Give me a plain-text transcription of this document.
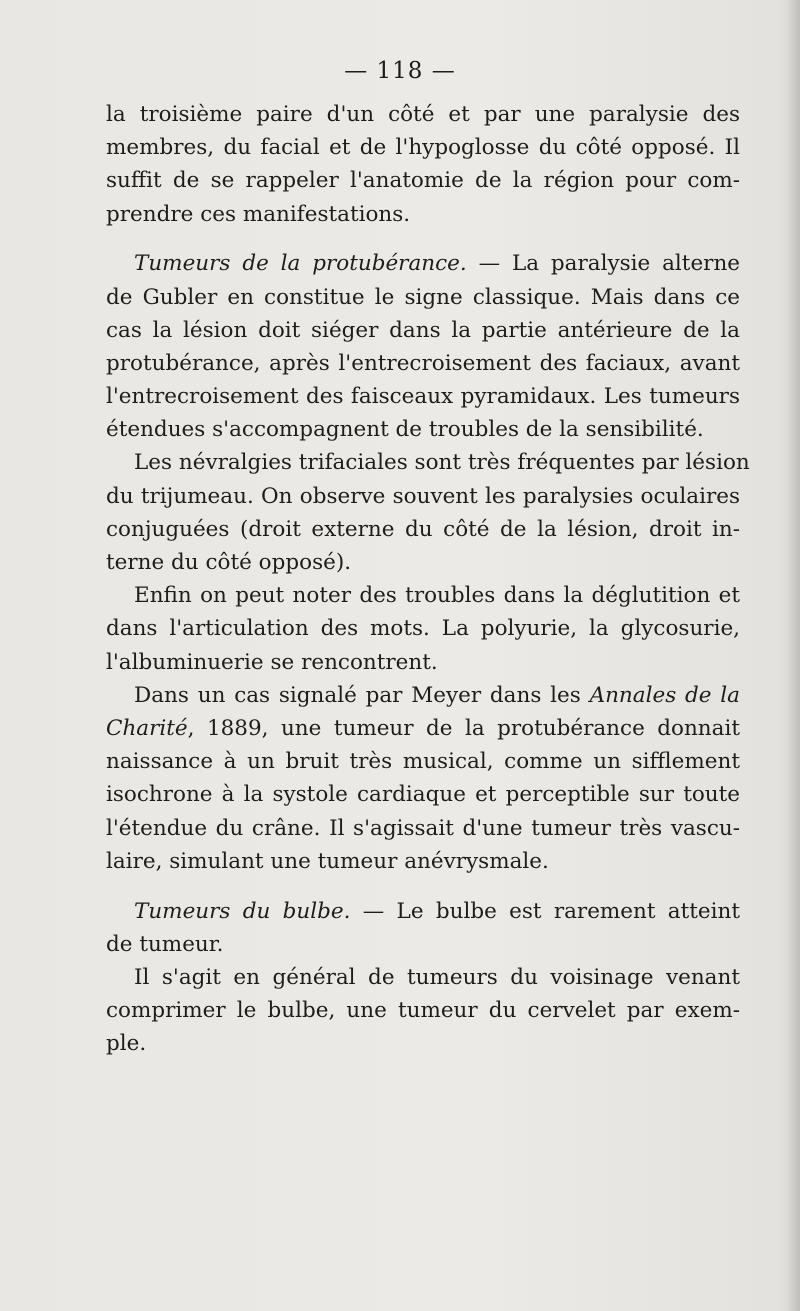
— 118 —
la troisième paire d'un côté et par une paralysie des
membres, du facial et de l'hypoglosse du côté opposé. Il
suffit de se rappeler l'anatomie de la région pour com-
prendre ces manifestations.
Tumeurs de la protubérance. — La paralysie alterne
de Gubler en constitue le signe classique. Mais dans ce
cas la lésion doit siéger dans la partie antérieure de la
protubérance, après l'entrecroisement des faciaux, avant
l'entrecroisement des faisceaux pyramidaux. Les tumeurs
étendues s'accompagnent de troubles de la sensibilité.
Les névralgies trifaciales sont très fréquentes par lésion
du trijumeau. On observe souvent les paralysies oculaires
conjuguées (droit externe du côté de la lésion, droit in-
terne du côté opposé).
Enfin on peut noter des troubles dans la déglutition et
dans l'articulation des mots. La polyurie, la glycosurie,
l'albuminuerie se rencontrent.
Dans un cas signalé par Meyer dans les Annales de la
Charité, 1889, une tumeur de la protubérance donnait
naissance à un bruit très musical, comme un sifflement
isochrone à la systole cardiaque et perceptible sur toute
l'étendue du crâne. Il s'agissait d'une tumeur très vascu-
laire, simulant une tumeur anévrysmale.
Tumeurs du bulbe. — Le bulbe est rarement atteint
de tumeur.
Il s'agit en général de tumeurs du voisinage venant
comprimer le bulbe, une tumeur du cervelet par exem-
ple.
